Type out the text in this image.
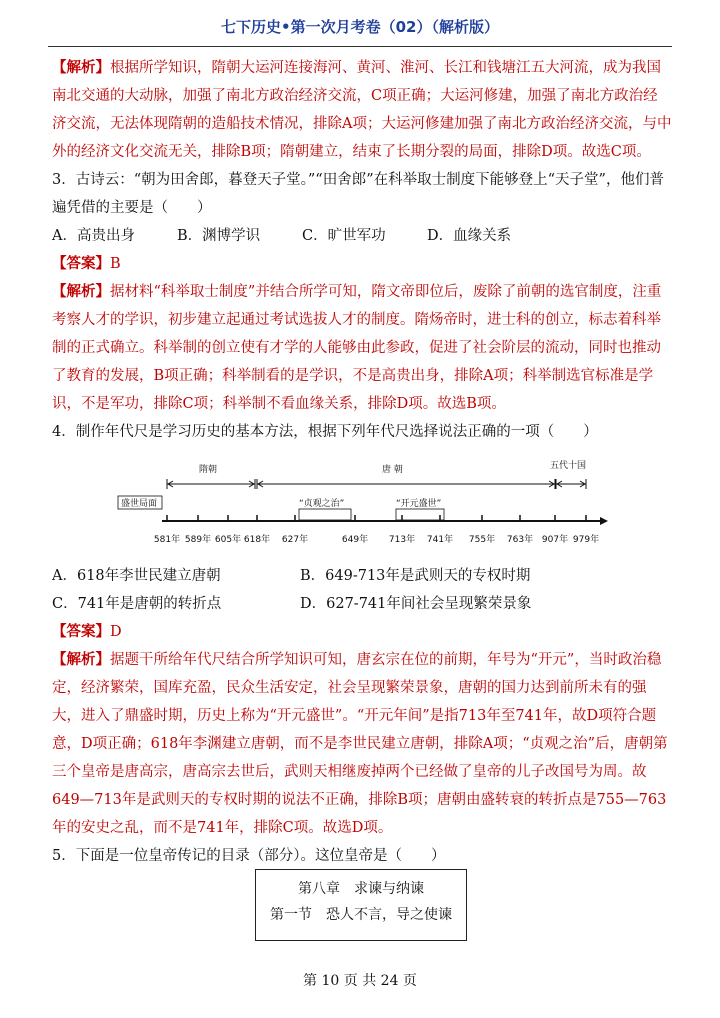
七下历史•第一次月考卷（02）（解析版）

【解析】根据所学知识，隋朝大运河连接海河、黄河、淮河、长江和钱塘江五大河流，成为我国南北交通的大动脉，加强了南北方政治经济交流，C项正确；大运河修建，加强了南北方政治经济交流，无法体现隋朝的造船技术情况，排除A项；大运河修建加强了南北方政治经济交流，与中外的经济文化交流无关，排除B项；隋朝建立，结束了长期分裂的局面，排除D项。故选C项。

3．古诗云：“朝为田舍郎，暮登天子堂。”“田舍郎”在科举取士制度下能够登上“天子堂”，他们普遍凭借的主要是（　　）

A．高贵出身	B．渊博学识	C．旷世军功	D．血缘关系

【答案】B

【解析】据材料“科举取士制度”并结合所学可知，隋文帝即位后，废除了前朝的选官制度，注重考察人才的学识，初步建立起通过考试选拔人才的制度。隋炀帝时，进士科的创立，标志着科举制的正式确立。科举制的创立使有才学的人能够由此参政，促进了社会阶层的流动，同时也推动了教育的发展，B项正确；科举制看的是学识，不是高贵出身，排除A项；科举制选官标准是学识，不是军功，排除C项；科举制不看血缘关系，排除D项。故选B项。

4．制作年代尺是学习历史的基本方法，根据下列年代尺选择说法正确的一项（　　）

隋朝	唐 朝	五代十国
“贞观之治”	“开元盛世”
盛世局面
581年 589年 605年 618年 627年	649年 713年 741年 755年 763年 907年 979年
A．618年李世民建立唐朝	B．649-713年是武则天的专权时期
C．741年是唐朝的转折点	D．627-741年间社会呈现繁荣景象

【答案】D

【解析】据题干所给年代尺结合所学知识可知，唐玄宗在位的前期，年号为“开元”，当时政治稳定，经济繁荣，国库充盈，民众生活安定，社会呈现繁荣景象，唐朝的国力达到前所未有的强大，进入了鼎盛时期，历史上称为“开元盛世”。“开元年间”是指713年至741年，故D项符合题意，D项正确；618年李渊建立唐朝，而不是李世民建立唐朝，排除A项；“贞观之治”后，唐朝第三个皇帝是唐高宗，唐高宗去世后，武则天相继废掉两个已经做了皇帝的儿子改国号为周。故649—713年是武则天的专权时期的说法不正确，排除B项；唐朝由盛转衰的转折点是755—763年的安史之乱，而不是741年，排除C项。故选D项。

5．下面是一位皇帝传记的目录（部分）。这位皇帝是（　　）

第八章　求谏与纳谏
第一节　恐人不言，导之使谏
第 10 页 共 24 页
